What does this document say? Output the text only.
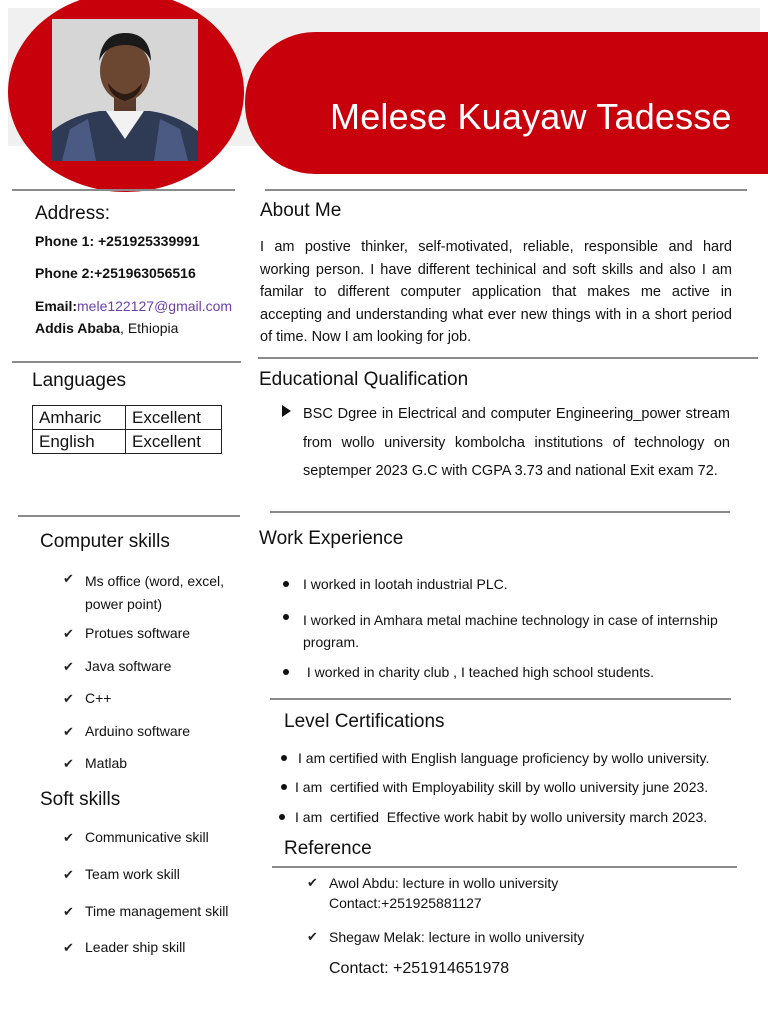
Melese Kuayaw Tadesse
Address:
Phone 1: +251925339991
Phone 2:+251963056516
Email:mele122127@gmail.com
Addis Ababa, Ethiopia
Languages
Amharic	Excellent
English	Excellent
Computer skills
✔ Ms office (word, excel, power point)
✔ Protues software
✔ Java software
✔ C++
✔ Arduino software
✔ Matlab
Soft skills
✔ Communicative skill
✔ Team work skill
✔ Time management skill
✔ Leader ship skill
About Me
I am postive thinker, self-motivated, reliable, responsible and hard working person. I have different techinical and soft skills and also I am familar to different computer application that makes me active in accepting and understanding what ever new things with in a short period of time. Now I am looking for job.
Educational Qualification
BSC Dgree in Electrical and computer Engineering_power stream from wollo university kombolcha institutions of technology on septemper 2023 G.C with CGPA 3.73 and national Exit exam 72.
Work Experience
I worked in lootah industrial PLC.
I worked in Amhara metal machine technology in case of internship program.
I worked in charity club , I teached high school students.
Level Certifications
I am certified with English language proficiency by wollo university.
I am  certified with Employability skill by wollo university june 2023.
I am  certified  Effective work habit by wollo university march 2023.
Reference
✔ Awol Abdu: lecture in wollo university
Contact:+251925881127
✔ Shegaw Melak: lecture in wollo university
Contact: +251914651978
